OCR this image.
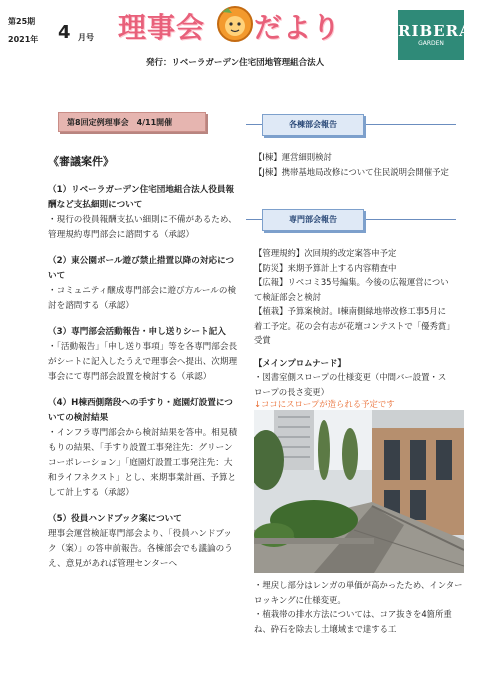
第25期
2021年 4 月号 理事会 だより	RIBERA
GARDEN
発行：リベーラガーデン住宅団地管理組合法人
第8回定例理事会　4/11開催
《審議案件》
（1）リベーラガーデン住宅団地組合法人役員報酬など支払細則について
・現行の役員報酬支払い細則に不備があるため、管理規約専門部会に諮問する（承認）
（2）東公園ボール遊び禁止措置以降の対応について
・コミュニティ醸成専門部会に遊び方ルールの検討を諮問する（承認）
（3）専門部会活動報告・申し送りシート記入
・「活動報告」「申し送り事項」等を各専門部会長がシートに記入したうえで理事会へ提出、次期理事会にて専門部会設置を検討する（承認）
（4）H棟西側階段への手すり・庭園灯設置についての検討結果
・インフラ専門部会から検討結果を答申。相見積もりの結果、「手すり設置工事発注先：グリーンコーポレーション」「庭園灯設置工事発注先：大和ライフネクスト」とし、来期事業計画、予算として計上する（承認）
（5）役員ハンドブック案について
理事会運営検証専門部会より、「役員ハンドブック（案）」の答申前報告。各棟部会でも議論のうえ、意見があれば管理センターへ
各棟部会報告
【I棟】運営細則検討
【J棟】携帯基地局改修について住民説明会開催予定
専門部会報告
【管理規約】次回規約改定案答申予定
【防災】来期予算計上する内容精査中
【広報】リベコミ35号編集。今後の広報運営について検証部会と検討
【植栽】予算案検討。I棟南側緑地帯改修工事5月に着工予定。花の会有志が花壇コンテストで「優秀賞」受賞
【メインプロムナード】
・図書室側スロープの仕様変更（中間バー設置・スロープの長さ変更）
↓ココにスロープが造られる予定です
・埋戻し部分はレンガの単価が高かったため、インターロッキングに仕様変更。
・植栽帯の排水方法については、コア抜きを4箇所重ね、砕石を除去し土壌域まで達する工
